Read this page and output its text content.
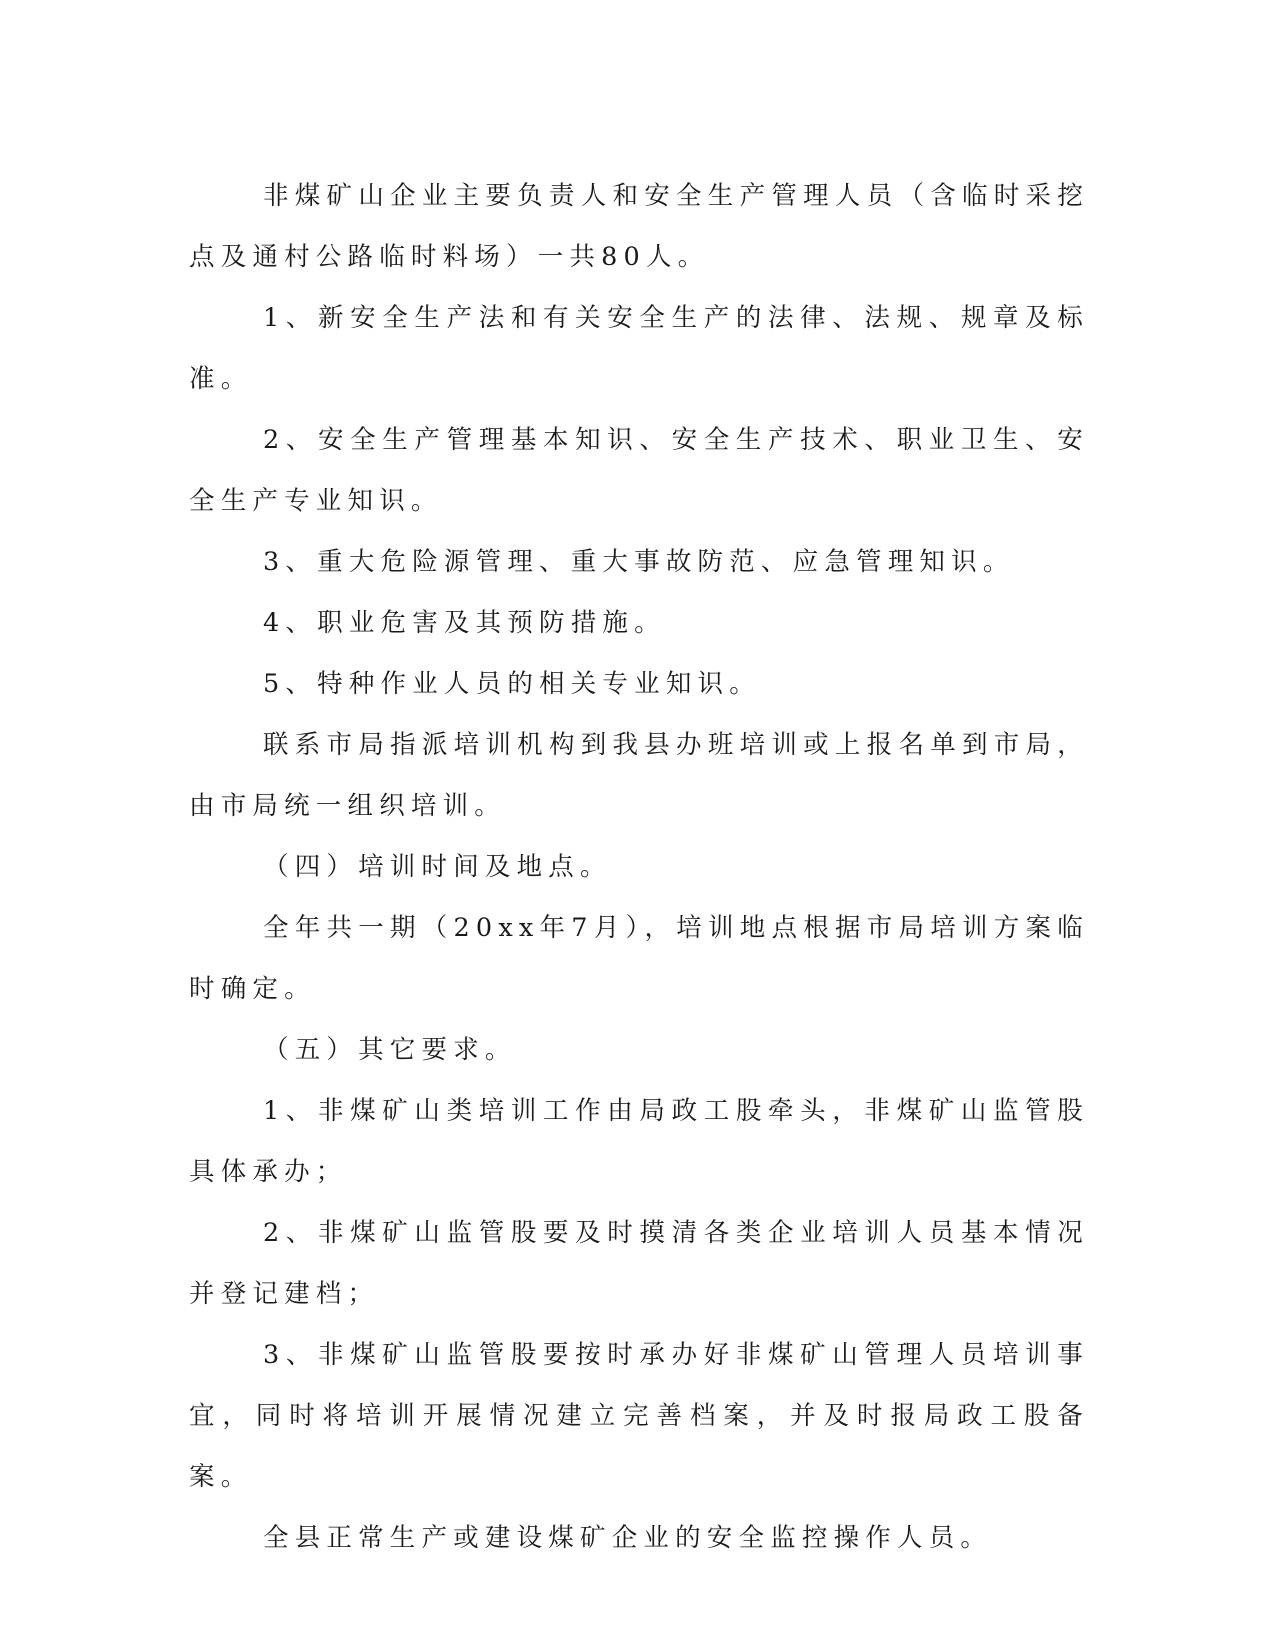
非煤矿山企业主要负责人和安全生产管理人员（含临时采挖点及通村公路临时料场）一共80人。

1、新安全生产法和有关安全生产的法律、法规、规章及标准。

2、安全生产管理基本知识、安全生产技术、职业卫生、安全生产专业知识。

3、重大危险源管理、重大事故防范、应急管理知识。

4、职业危害及其预防措施。

5、特种作业人员的相关专业知识。

联系市局指派培训机构到我县办班培训或上报名单到市局，由市局统一组织培训。

（四）培训时间及地点。

全年共一期（20xx年7月），培训地点根据市局培训方案临时确定。

（五）其它要求。

1、非煤矿山类培训工作由局政工股牵头，非煤矿山监管股具体承办；

2、非煤矿山监管股要及时摸清各类企业培训人员基本情况并登记建档；

3、非煤矿山监管股要按时承办好非煤矿山管理人员培训事宜，同时将培训开展情况建立完善档案，并及时报局政工股备案。

全县正常生产或建设煤矿企业的安全监控操作人员。
